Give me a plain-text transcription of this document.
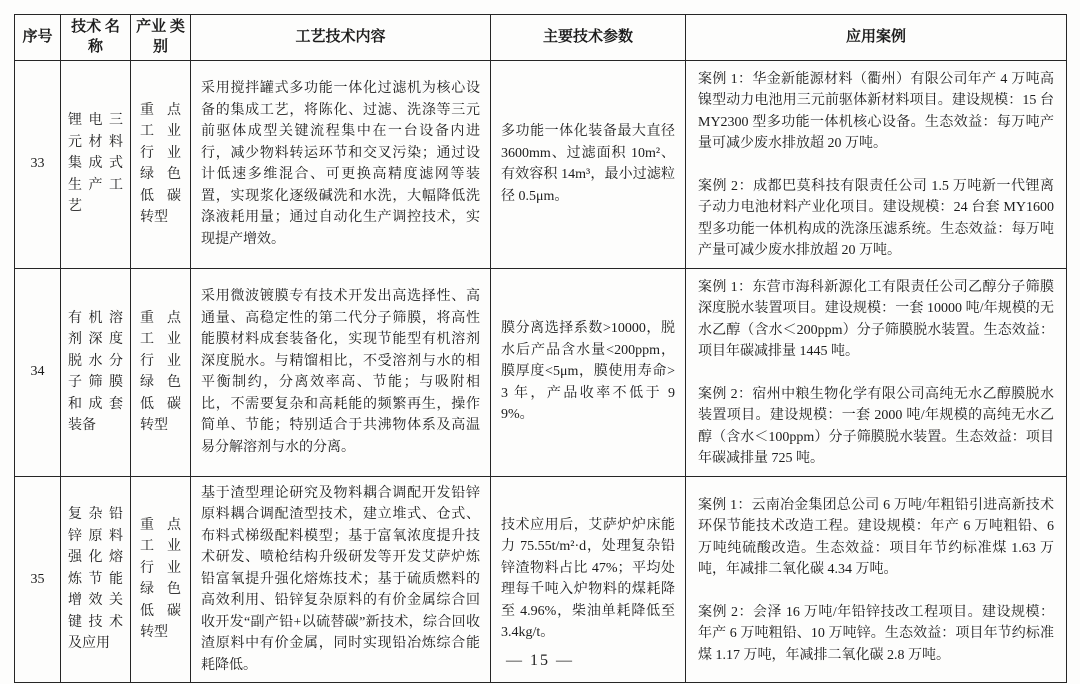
序号	技术 名称	产业 类别	工艺技术内容	主要技术参数	应用案例
33	锂电三元材料集成式生产工艺	重点工业行业绿色低碳转型	采用搅拌罐式多功能一体化过滤机为核心设备的集成工艺，将陈化、过滤、洗涤等三元前驱体成型关键流程集中在一台设备内进行，减少物料转运环节和交叉污染；通过设计低速多维混合、可更换高精度滤网等装置，实现浆化逐级碱洗和水洗，大幅降低洗涤液耗用量；通过自动化生产调控技术，实现提产增效。	多功能一体化装备最大直径 3600mm、过滤面积 10m²、有效容积 14m³，最小过滤粒径 0.5μm。	案例 1：华金新能源材料（衢州）有限公司年产 4 万吨高镍型动力电池用三元前驱体新材料项目。建设规模：15 台 MY2300 型多功能一体机核心设备。生态效益：每万吨产量可减少废水排放超 20 万吨。

案例 2：成都巴莫科技有限责任公司 1.5 万吨新一代锂离子动力电池材料产业化项目。建设规模：24 台套 MY1600 型多功能一体机构成的洗涤压滤系统。生态效益：每万吨产量可减少废水排放超 20 万吨。

34	有机溶剂深度脱水分子筛膜和成套装备	重点工业行业绿色低碳转型	采用微波镀膜专有技术开发出高选择性、高通量、高稳定性的第二代分子筛膜，将高性能膜材料成套装备化，实现节能型有机溶剂深度脱水。与精馏相比，不受溶剂与水的相平衡制约，分离效率高、节能；与吸附相比，不需要复杂和高耗能的频繁再生，操作简单、节能；特别适合于共沸物体系及高温易分解溶剂与水的分离。	膜分离选择系数>10000，脱水后产品含水量<200ppm，膜厚度<5μm，膜使用寿命>3 年，产品收率不低于 99%。	案例 1：东营市海科新源化工有限责任公司乙醇分子筛膜深度脱水装置项目。建设规模：一套 10000 吨/年规模的无水乙醇（含水＜200ppm）分子筛膜脱水装置。生态效益：项目年碳减排量 1445 吨。

案例 2：宿州中粮生物化学有限公司高纯无水乙醇膜脱水装置项目。建设规模：一套 2000 吨/年规模的高纯无水乙醇（含水＜100ppm）分子筛膜脱水装置。生态效益：项目年碳减排量 725 吨。

35	复杂铅锌原料强化熔炼节能增效关键技术及应用	重点工业行业绿色低碳转型	基于渣型理论研究及物料耦合调配开发铅锌原料耦合调配渣型技术，建立堆式、仓式、布料式梯级配料模型；基于富氧浓度提升技术研发、喷枪结构升级研发等开发艾萨炉炼铅富氧提升强化熔炼技术；基于硫质燃料的高效利用、铅锌复杂原料的有价金属综合回收开发“副产铅+以硫替碳”新技术，综合回收渣原料中有价金属，同时实现铅冶炼综合能耗降低。	技术应用后，艾萨炉炉床能力 75.55t/m²·d，处理复杂铅锌渣物料占比 47%；平均处理每千吨入炉物料的煤耗降至 4.96%，柴油单耗降低至 3.4kg/t。	案例 1：云南冶金集团总公司 6 万吨/年粗铅引进高新技术环保节能技术改造工程。建设规模：年产 6 万吨粗铅、6 万吨纯硫酸改造。生态效益：项目年节约标准煤 1.63 万吨，年减排二氧化碳 4.34 万吨。

案例 2：会泽 16 万吨/年铅锌技改工程项目。建设规模：年产 6 万吨粗铅、10 万吨锌。生态效益：项目年节约标准煤 1.17 万吨，年减排二氧化碳 2.8 万吨。

— 15 —
